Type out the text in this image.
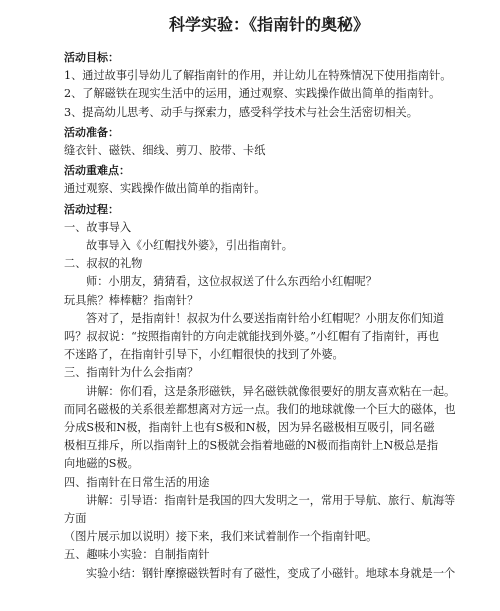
科学实验：《指南针的奥秘》
活动目标：
1、通过故事引导幼儿了解指南针的作用，并让幼儿在特殊情况下使用指南针。
2、了解磁铁在现实生活中的运用，通过观察、实践操作做出简单的指南针。
3、提高幼儿思考、动手与探索力，感受科学技术与社会生活密切相关。
活动准备：
缝衣针、磁铁、细线、剪刀、胶带、卡纸
活动重难点：
通过观察、实践操作做出简单的指南针。
活动过程：
一、故事导入
故事导入《小红帽找外婆》，引出指南针。
二、叔叔的礼物
师：小朋友，猜猜看，这位叔叔送了什么东西给小红帽呢？
玩具熊？棒棒糖？指南针？
答对了，是指南针！叔叔为什么要送指南针给小红帽呢？小朋友你们知道
吗？叔叔说：“按照指南针的方向走就能找到外婆。”小红帽有了指南针，再也
不迷路了，在指南针引导下，小红帽很快的找到了外婆。
三、指南针为什么会指南？
讲解：你们看，这是条形磁铁，异名磁铁就像很要好的朋友喜欢粘在一起。
而同名磁极的关系很差都想离对方远一点。我们的地球就像一个巨大的磁体，也
分成S极和N极，指南针上也有S极和N极，因为异名磁极相互吸引，同名磁
极相互排斥，所以指南针上的S极就会指着地磁的N极而指南针上N极总是指
向地磁的S极。
四、指南针在日常生活的用途
讲解：引导语：指南针是我国的四大发明之一，常用于导航、旅行、航海等
方面
（图片展示加以说明）接下来，我们来试着制作一个指南针吧。
五、趣味小实验：自制指南针
实验小结：钢针摩擦磁铁暂时有了磁性，变成了小磁针。地球本身就是一个
